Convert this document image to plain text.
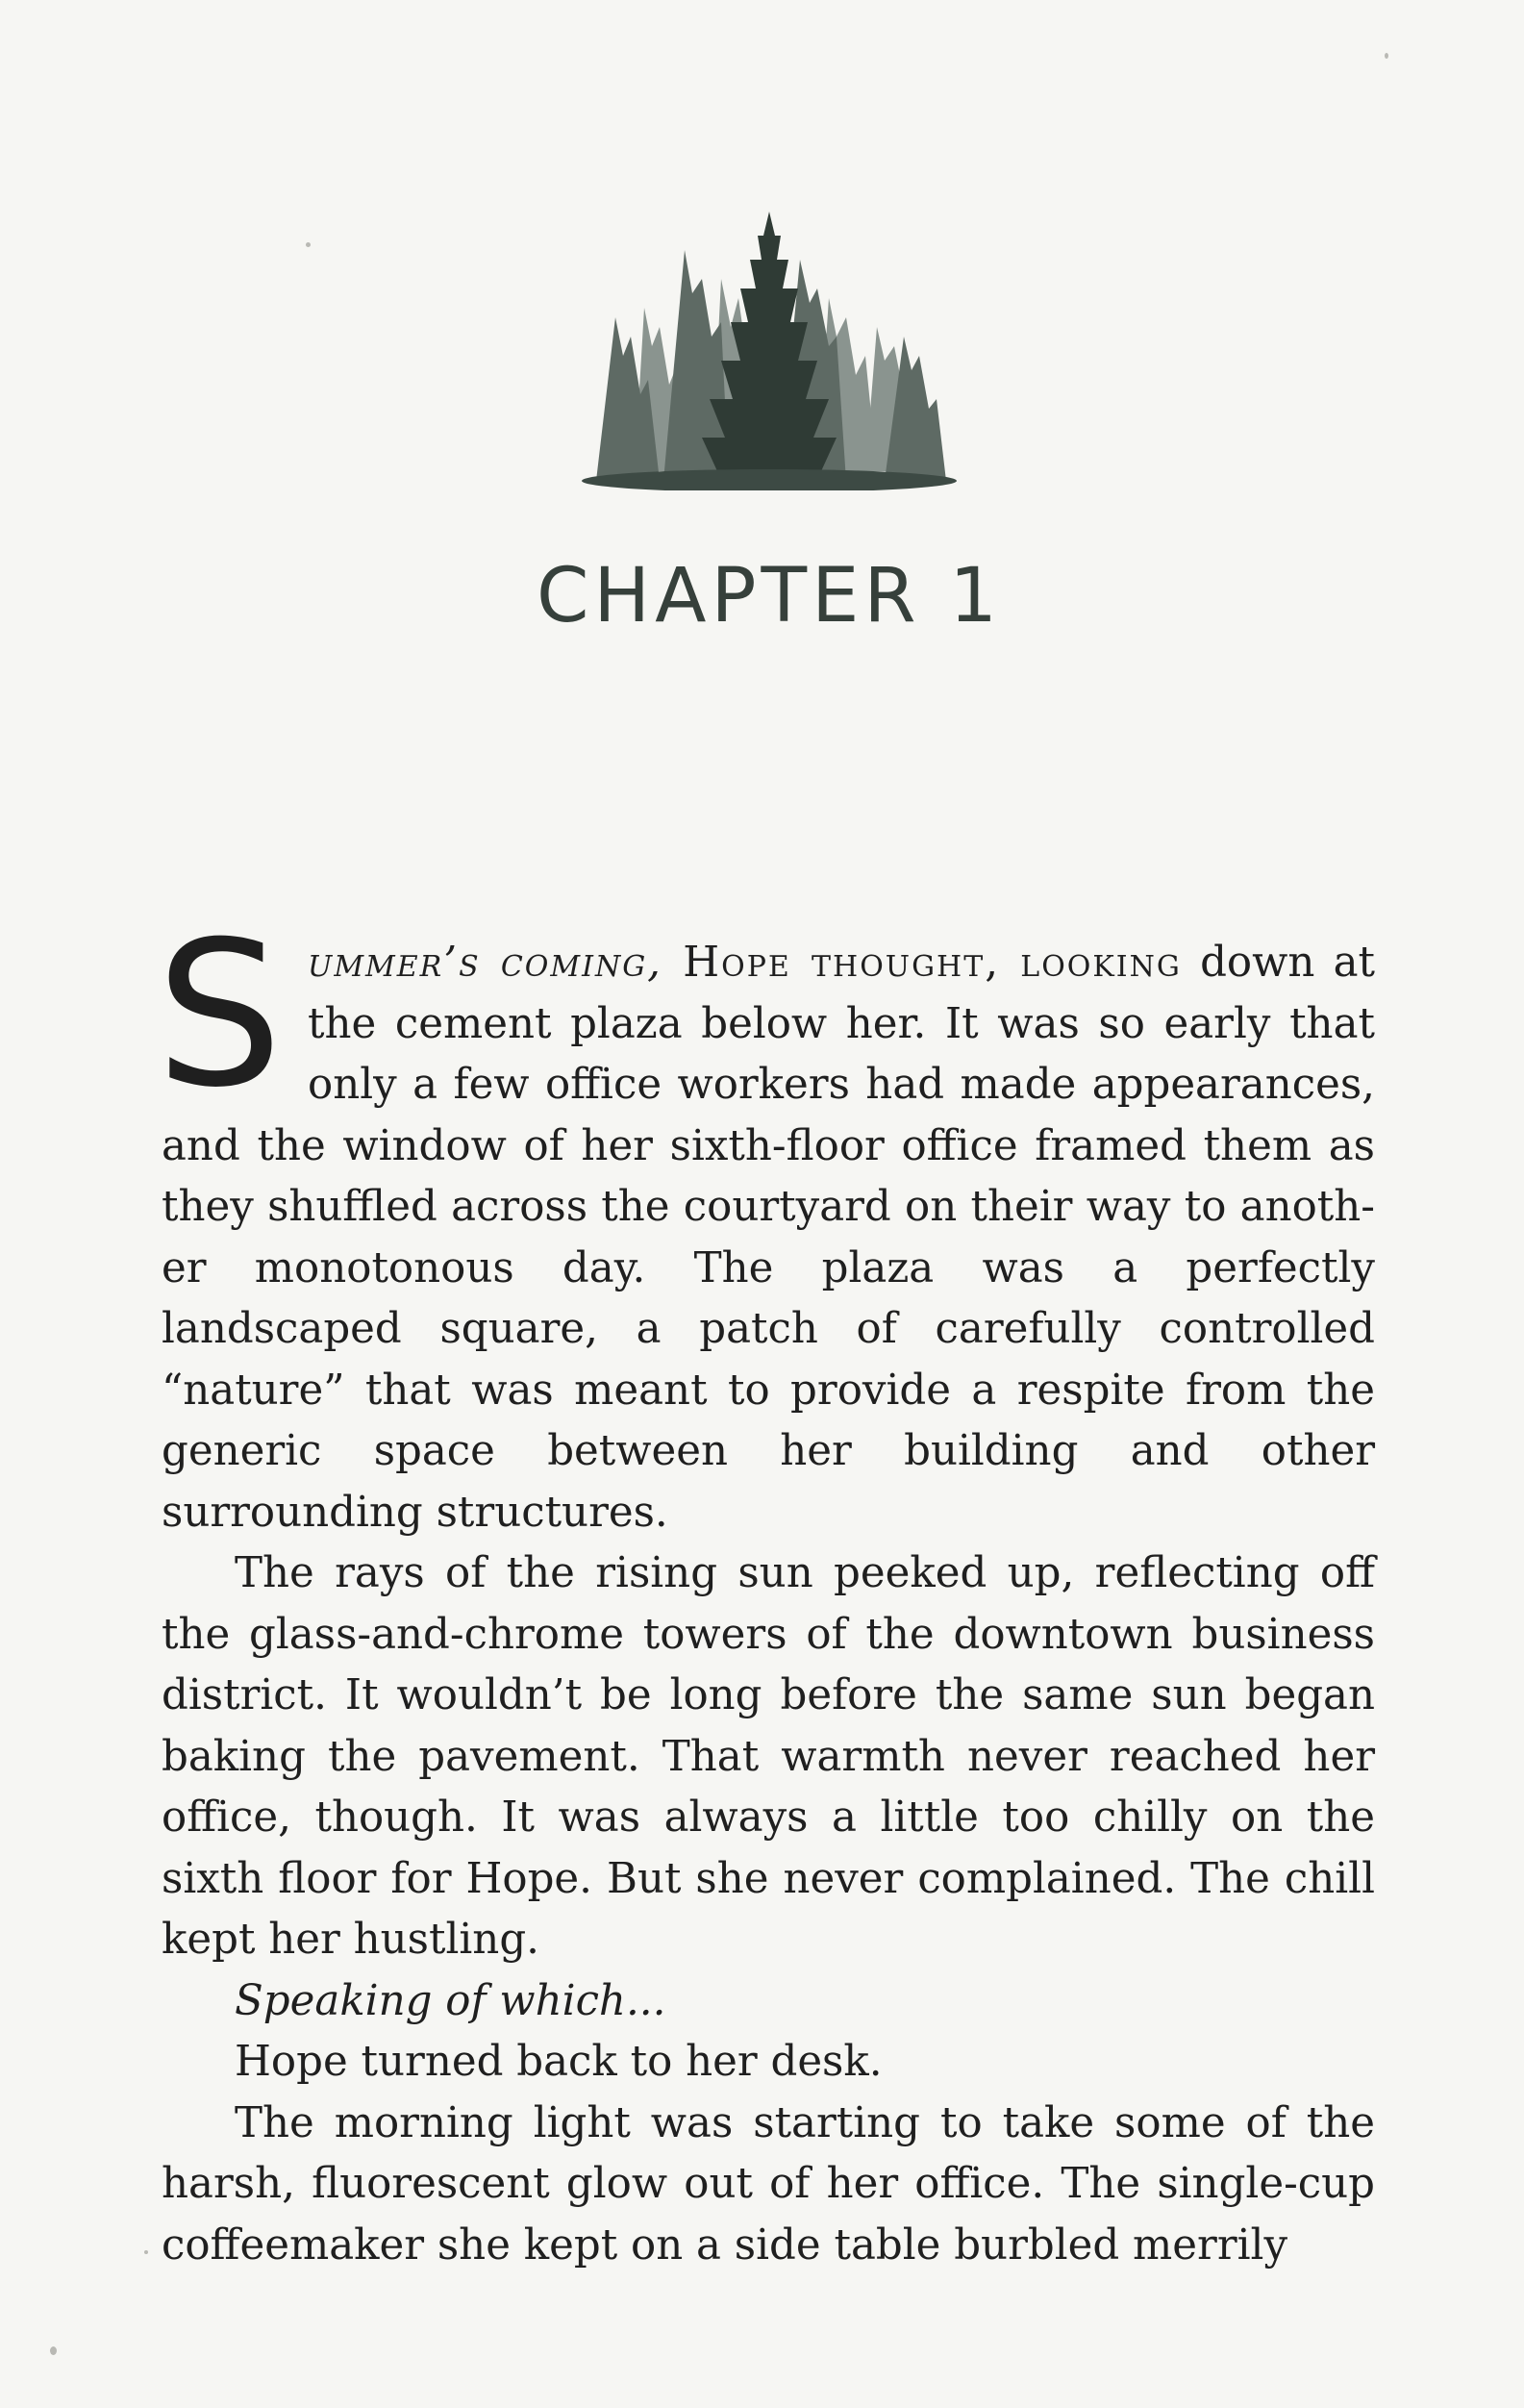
CHAPTER 1

Summer’s coming, Hope thought, looking down at the cement plaza below her. It was so early that only a few office workers had made appearances, and the window of her sixth-floor office framed them as they shuffled across the courtyard on their way to another monotonous day. The plaza was a perfectly landscaped square, a patch of carefully controlled “nature” that was meant to provide a respite from the generic space between her building and other surrounding structures.

The rays of the rising sun peeked up, reflecting off the glass-and-chrome towers of the downtown business district. It wouldn’t be long before the same sun began baking the pavement. That warmth never reached her office, though. It was always a little too chilly on the sixth floor for Hope. But she never complained. The chill kept her hustling.

Speaking of which...

Hope turned back to her desk.

The morning light was starting to take some of the harsh, fluorescent glow out of her office. The single-cup coffeemaker she kept on a side table burbled merrily
